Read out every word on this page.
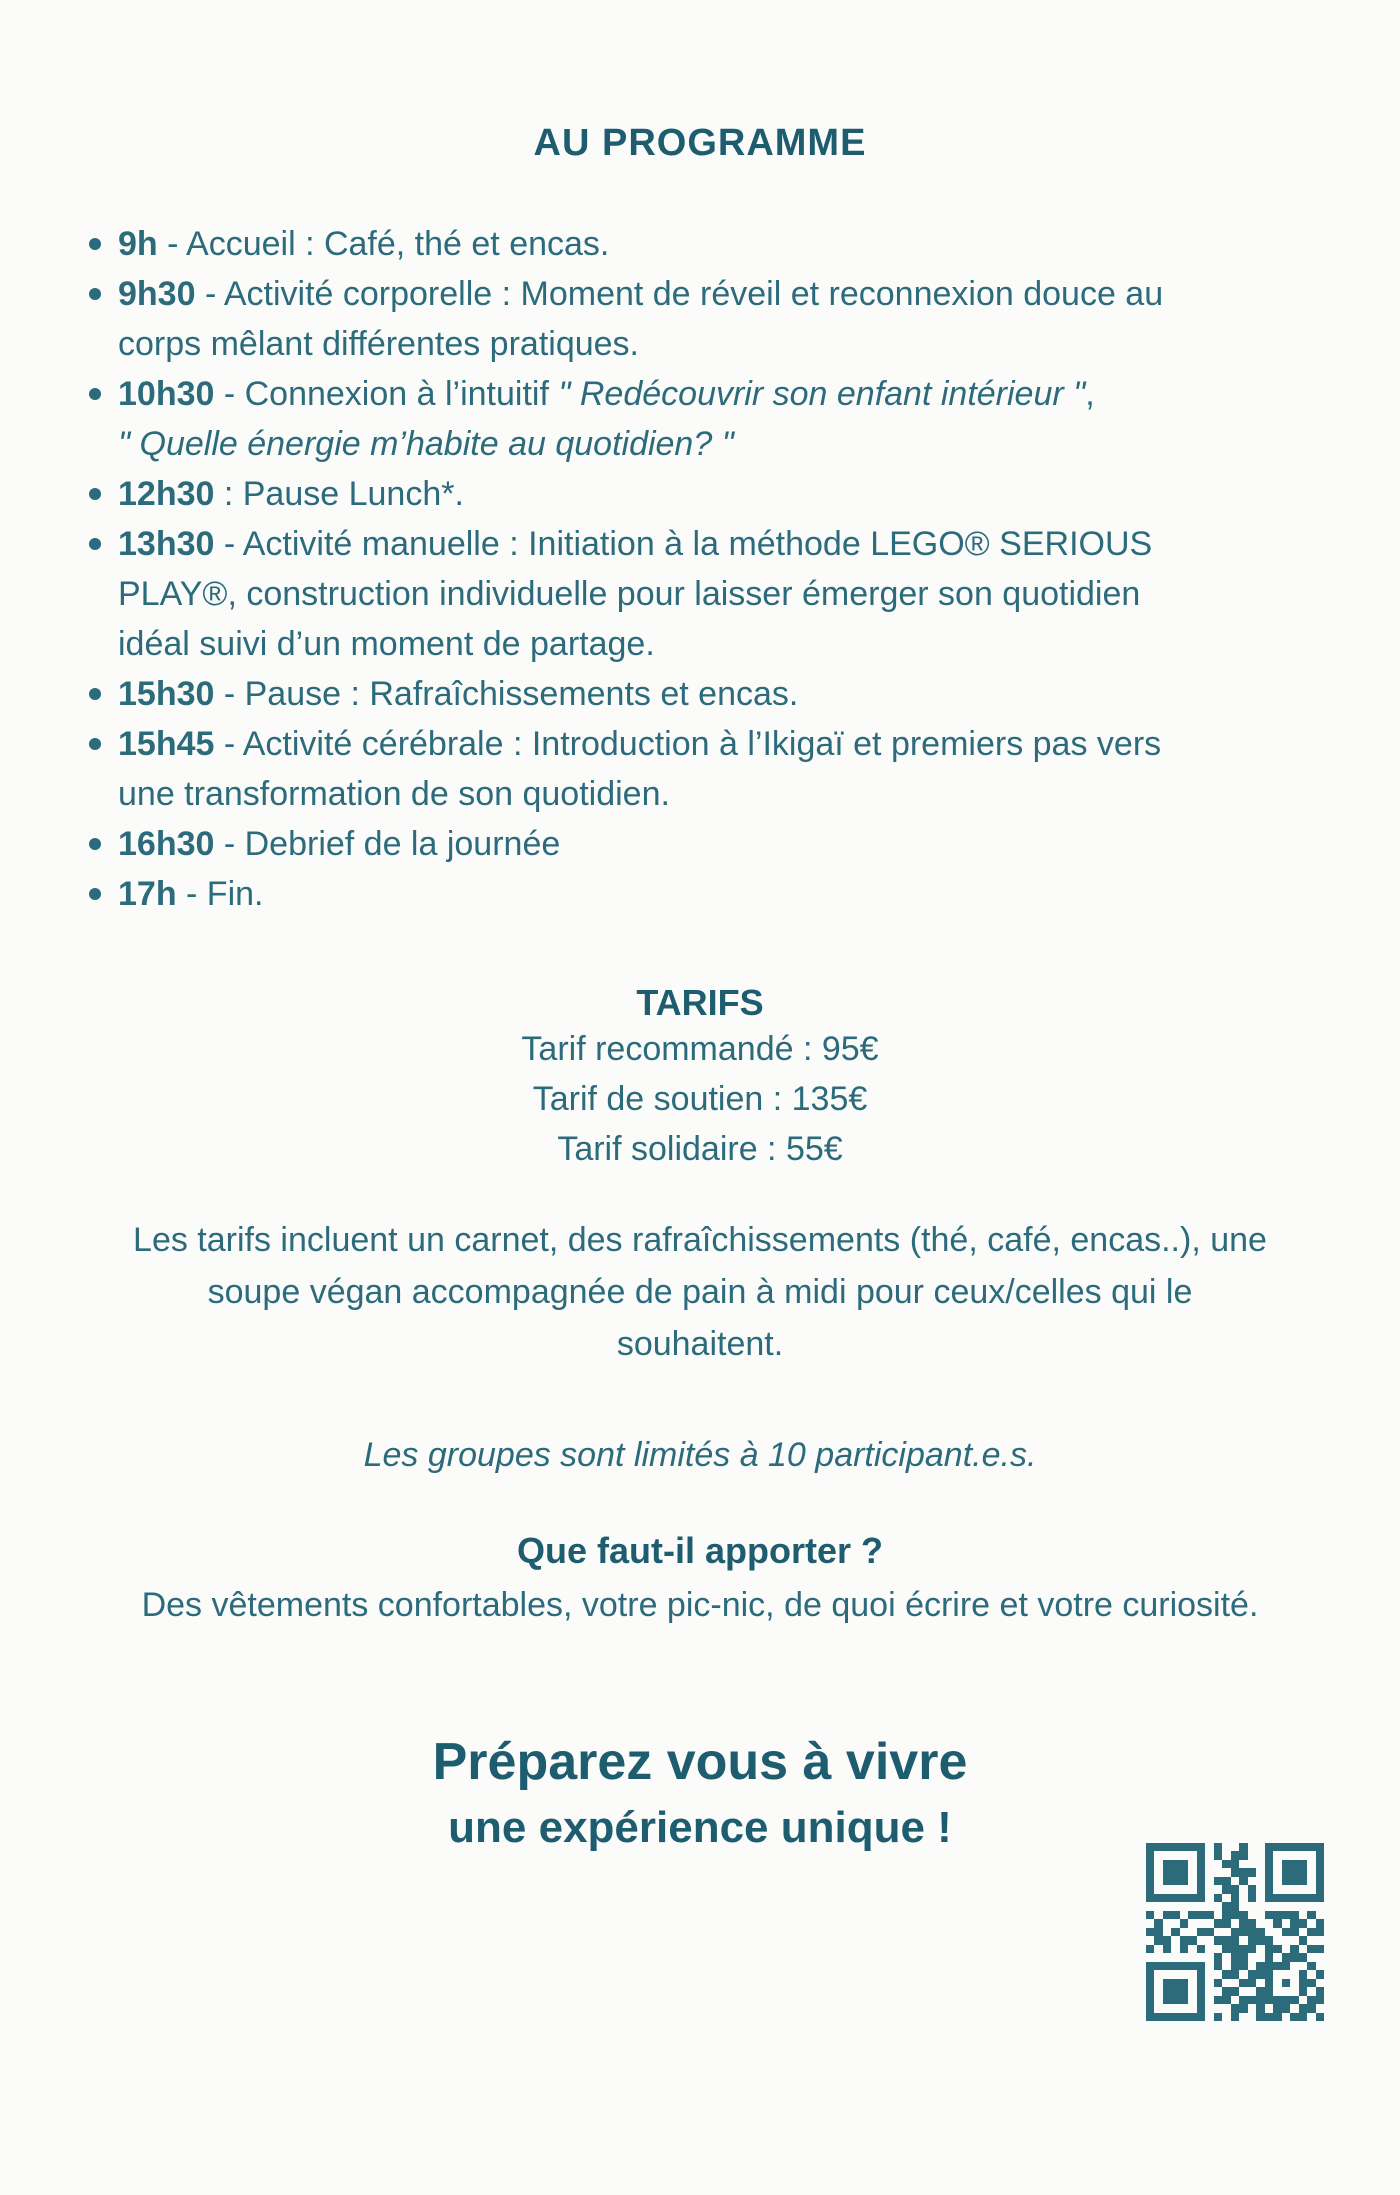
AU PROGRAMME
9h - Accueil : Café, thé et encas.
9h30 - Activité corporelle : Moment de réveil et reconnexion douce au
corps mêlant différentes pratiques.
10h30 - Connexion à l’intuitif " Redécouvrir son enfant intérieur ",
" Quelle énergie m’habite au quotidien? "
12h30 : Pause Lunch*.
13h30 - Activité manuelle : Initiation à la méthode LEGO® SERIOUS
PLAY®, construction individuelle pour laisser émerger son quotidien
idéal suivi d’un moment de partage.
15h30 - Pause : Rafraîchissements et encas.
15h45 - Activité cérébrale : Introduction à l’Ikigaï et premiers pas vers
une transformation de son quotidien.
16h30 - Debrief de la journée
17h - Fin.
TARIFS
Tarif recommandé : 95€
Tarif de soutien : 135€
Tarif solidaire : 55€
Les tarifs incluent un carnet, des rafraîchissements (thé, café, encas..), une
soupe végan accompagnée de pain à midi pour ceux/celles qui le
souhaitent.
Les groupes sont limités à 10 participant.e.s.
Que faut-il apporter ?
Des vêtements confortables, votre pic-nic, de quoi écrire et votre curiosité.
Préparez vous à vivre
une expérience unique !
